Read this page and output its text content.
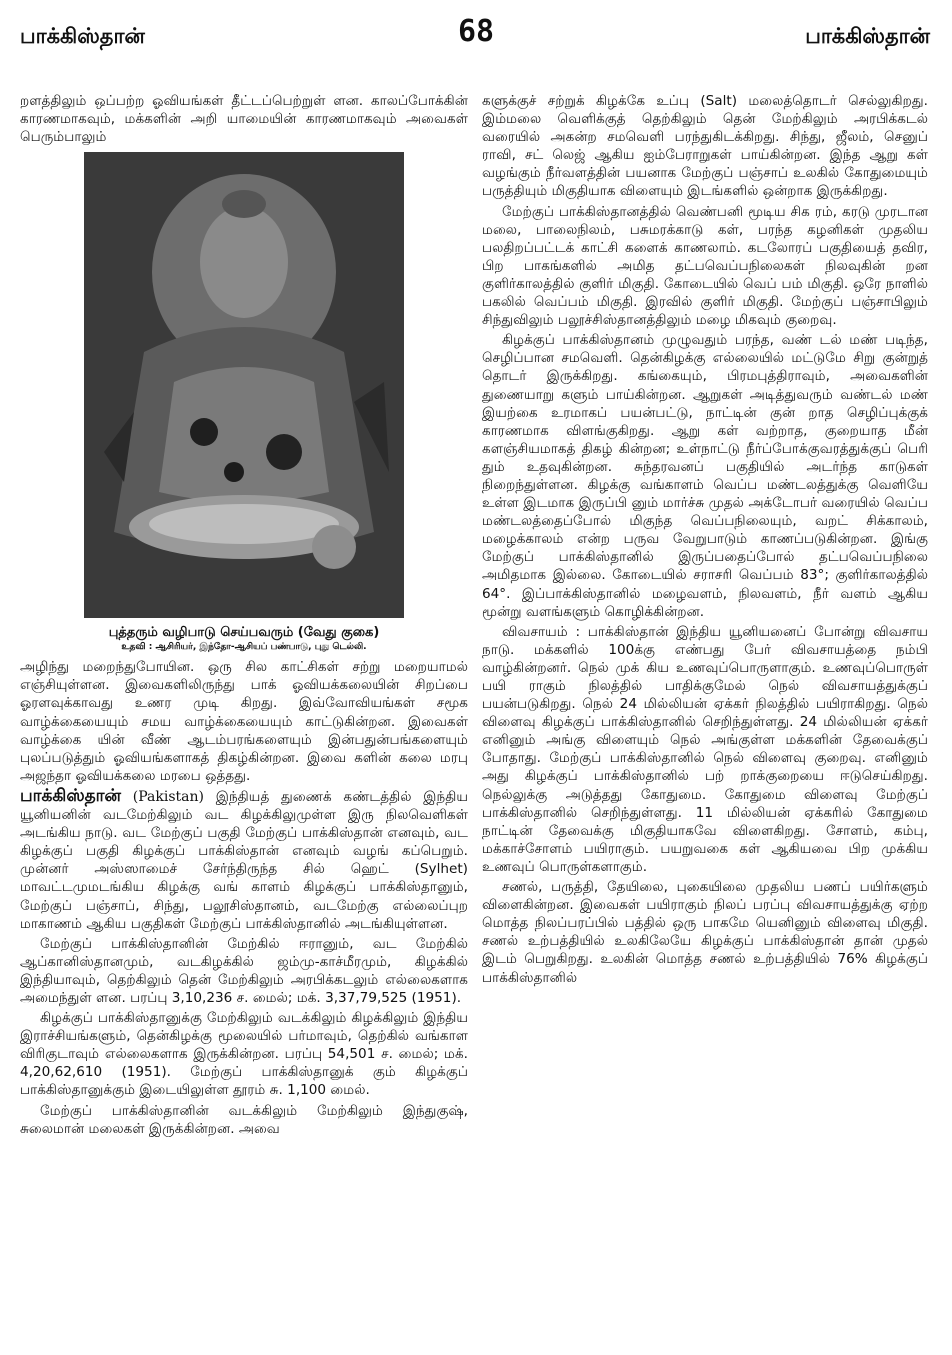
பாக்கிஸ்தான்	68	பாக்கிஸ்தான்

றளத்திலும் ஒப்பற்ற ஓவியங்கள் தீட்டப்பெற்றுள் ளன. காலப்போக்கின் காரணமாகவும், மக்களின் அறி யாமையின் காரணமாகவும் அவைகள் பெரும்பாலும்

புத்தரும் வழிபாடு செய்பவரும் (வேது குகை)
உதவி : ஆசிரியர், இந்தோ-ஆசியப் பண்பாடு, புது டெல்லி.

அழிந்து மறைந்துபோயின. ஒரு சில காட்சிகள் சற்று மறையாமல் எஞ்சியுள்ளன. இவைகளிலிருந்து பாக் ஓவியக்கலையின் சிறப்பை ஓரளவுக்காவது உணர முடி கிறது. இவ்வோவியங்கள் சமூக வாழ்க்கையையும் சமய வாழ்க்கையையும் காட்டுகின்றன. இவைகள் வாழ்க்கை யின் வீண் ஆடம்பரங்களையும் இன்பதுன்பங்களையும் புலப்படுத்தும் ஓவியங்களாகத் திகழ்கின்றன. இவை களின் கலை மரபு அஜந்தா ஓவியக்கலை மரபை ஒத்தது.

பாக்கிஸ்தான் (Pakistan) இந்தியத் துணைக் கண்டத்தில் இந்திய யூனியனின் வடமேற்கிலும் வட கிழக்கிலுமுள்ள இரு நிலவெளிகள் அடங்கிய நாடு. வட மேற்குப் பகுதி மேற்குப் பாக்கிஸ்தான் எனவும், வட கிழக்குப் பகுதி கிழக்குப் பாக்கிஸ்தான் எனவும் வழங் கப்பெறும். முன்னர் அஸ்ஸாமைச் சேர்ந்திருந்த சில் ஹெட் (Sylhet) மாவட்டமுமடங்கிய கிழக்கு வங் காளம் கிழக்குப் பாக்கிஸ்தானும், மேற்குப் பஞ்சாப், சிந்து, பலூசிஸ்தானம், வடமேற்கு எல்லைப்புற மாகாணம் ஆகிய பகுதிகள் மேற்குப் பாக்கிஸ்தானில் அடங்கியுள்ளன.

மேற்குப் பாக்கிஸ்தானின் மேற்கில் ஈரானும், வட மேற்கில் ஆப்கானிஸ்தானமும், வடகிழக்கில் ஜம்மு-காச்மீரமும், கிழக்கில் இந்தியாவும், தெற்கிலும் தென் மேற்கிலும் அரபிக்கடலும் எல்லைகளாக அமைந்துள் ளன. பரப்பு 3,10,236 ச. மைல்; மக். 3,37,79,525 (1951).

கிழக்குப் பாக்கிஸ்தானுக்கு மேற்கிலும் வடக்கிலும் கிழக்கிலும் இந்திய இராச்சியங்களும், தென்கிழக்கு மூலையில் பர்மாவும், தெற்கில் வங்காள விரிகுடாவும் எல்லைகளாக இருக்கின்றன. பரப்பு 54,501 ச. மைல்; மக். 4,20,62,610 (1951). மேற்குப் பாக்கிஸ்தானுக் கும் கிழக்குப் பாக்கிஸ்தானுக்கும் இடையிலுள்ள தூரம் சு. 1,100 மைல்.

மேற்குப் பாக்கிஸ்தானின் வடக்கிலும் மேற்கிலும் இந்துகுஷ், சுலைமான் மலைகள் இருக்கின்றன. அவை

களுக்குச் சற்றுக் கிழக்கே உப்பு (Salt) மலைத்தொடர் செல்லுகிறது. இம்மலை வெளிக்குத் தெற்கிலும் தென் மேற்கிலும் அரபிக்கடல் வரையில் அகன்ற சமவெளி பரந்துகிடக்கிறது. சிந்து, ஜீலம், செனுப் ராவி, சட் லெஜ் ஆகிய ஐம்பேராறுகள் பாய்கின்றன. இந்த ஆறு கள் வழங்கும் நீர்வளத்தின் பயனாக மேற்குப் பஞ்சாப் உலகில் கோதுமையும் பருத்தியும் மிகுதியாக விளையும் இடங்களில் ஒன்றாக இருக்கிறது.

மேற்குப் பாக்கிஸ்தானத்தில் வெண்பனி மூடிய சிக ரம், கரடு முரடான மலை, பாலைநிலம், பசுமரக்காடு கள், பரந்த கழனிகள் முதலிய பலதிறப்பட்டக் காட்சி களைக் காணலாம். கடலோரப் பகுதியைத் தவிர, பிற பாகங்களில் அமித தட்பவெப்பநிலைகள் நிலவுகின் றன குளிர்காலத்தில் குளிர் மிகுதி. கோடையில் வெப் பம் மிகுதி. ஒரே நாளில் பகலில் வெப்பம் மிகுதி. இரவில் குளிர் மிகுதி. மேற்குப் பஞ்சாபிலும் சிந்துவிலும் பலூச்சிஸ்தானத்திலும் மழை மிகவும் குறைவு.

கிழக்குப் பாக்கிஸ்தானம் முழுவதும் பரந்த, வண் டல் மண் படிந்த, செழிப்பான சமவெளி. தென்கிழக்கு எல்லையில் மட்டுமே சிறு குன்றுத் தொடர் இருக்கிறது. கங்கையும், பிரமபுத்திராவும், அவைகளின் துணையாறு களும் பாய்கின்றன. ஆறுகள் அடித்துவரும் வண்டல் மண் இயற்கை உரமாகப் பயன்பட்டு, நாட்டின் குன் றாத செழிப்புக்குக் காரணமாக விளங்குகிறது. ஆறு கள் வற்றாத, குறையாத மீன் களஞ்சியமாகத் திகழ் கின்றன; உள்நாட்டு நீர்ப்போக்குவரத்துக்குப் பெரி தும் உதவுகின்றன. சுந்தரவனப் பகுதியில் அடர்ந்த காடுகள் நிறைந்துள்ளன. கிழக்கு வங்காளம் வெப்ப மண்டலத்துக்கு வெளியே உள்ள இடமாக இருப்பி னும் மார்ச்சு முதல் அக்டோபர் வரையில் வெப்ப மண்டலத்தைப்போல் மிகுந்த வெப்பநிலையும், வறட் சிக்காலம், மழைக்காலம் என்ற பருவ வேறுபாடும் காணப்படுகின்றன. இங்கு மேற்குப் பாக்கிஸ்தானில் இருப்பதைப்போல் தட்பவெப்பநிலை அமிதமாக இல்லை. கோடையில் சராசரி வெப்பம் 83°; குளிர்காலத்தில் 64°. இப்பாக்கிஸ்தானில் மழைவளம், நிலவளம், நீர் வளம் ஆகிய மூன்று வளங்களும் கொழிக்கின்றன.

விவசாயம் : பாக்கிஸ்தான் இந்திய யூனியனைப் போன்று விவசாய நாடு. மக்களில் 100க்கு எண்பது பேர் விவசாயத்தை நம்பி வாழ்கின்றனர். நெல் முக் கிய உணவுப்பொருளாகும். உணவுப்பொருள் பயி ராகும் நிலத்தில் பாதிக்குமேல் நெல் விவசாயத்துக்குப் பயன்படுகிறது. நெல் 24 மில்லியன் ஏக்கர் நிலத்தில் பயிராகிறது. நெல் விளைவு கிழக்குப் பாக்கிஸ்தானில் செறிந்துள்ளது. 24 மில்லியன் ஏக்கர் எனினும் அங்கு விளையும் நெல் அங்குள்ள மக்களின் தேவைக்குப் போதாது. மேற்குப் பாக்கிஸ்தானில் நெல் விளைவு குறைவு. எனினும் அது கிழக்குப் பாக்கிஸ்தானில் பற் றாக்குறையை ஈடுசெய்கிறது. நெல்லுக்கு அடுத்தது கோதுமை. கோதுமை விளைவு மேற்குப் பாக்கிஸ்தானில் செறிந்துள்ளது. 11 மில்லியன் ஏக்கரில் கோதுமை நாட்டின் தேவைக்கு மிகுதியாகவே விளைகிறது. சோளம், கம்பு, மக்காச்சோளம் பயிராகும். பயறுவகை கள் ஆகியவை பிற முக்கிய உணவுப் பொருள்களாகும்.

சணல், பருத்தி, தேயிலை, புகையிலை முதலிய பணப் பயிர்களும் விளைகின்றன. இவைகள் பயிராகும் நிலப் பரப்பு விவசாயத்துக்கு ஏற்ற மொத்த நிலப்பரப்பில் பத்தில் ஒரு பாகமே யெனினும் விளைவு மிகுதி. சணல் உற்பத்தியில் உலகிலேயே கிழக்குப் பாக்கிஸ்தான் தான் முதல் இடம் பெறுகிறது. உலகின் மொத்த சணல் உற்பத்தியில் 76% கிழக்குப் பாக்கிஸ்தானில்
